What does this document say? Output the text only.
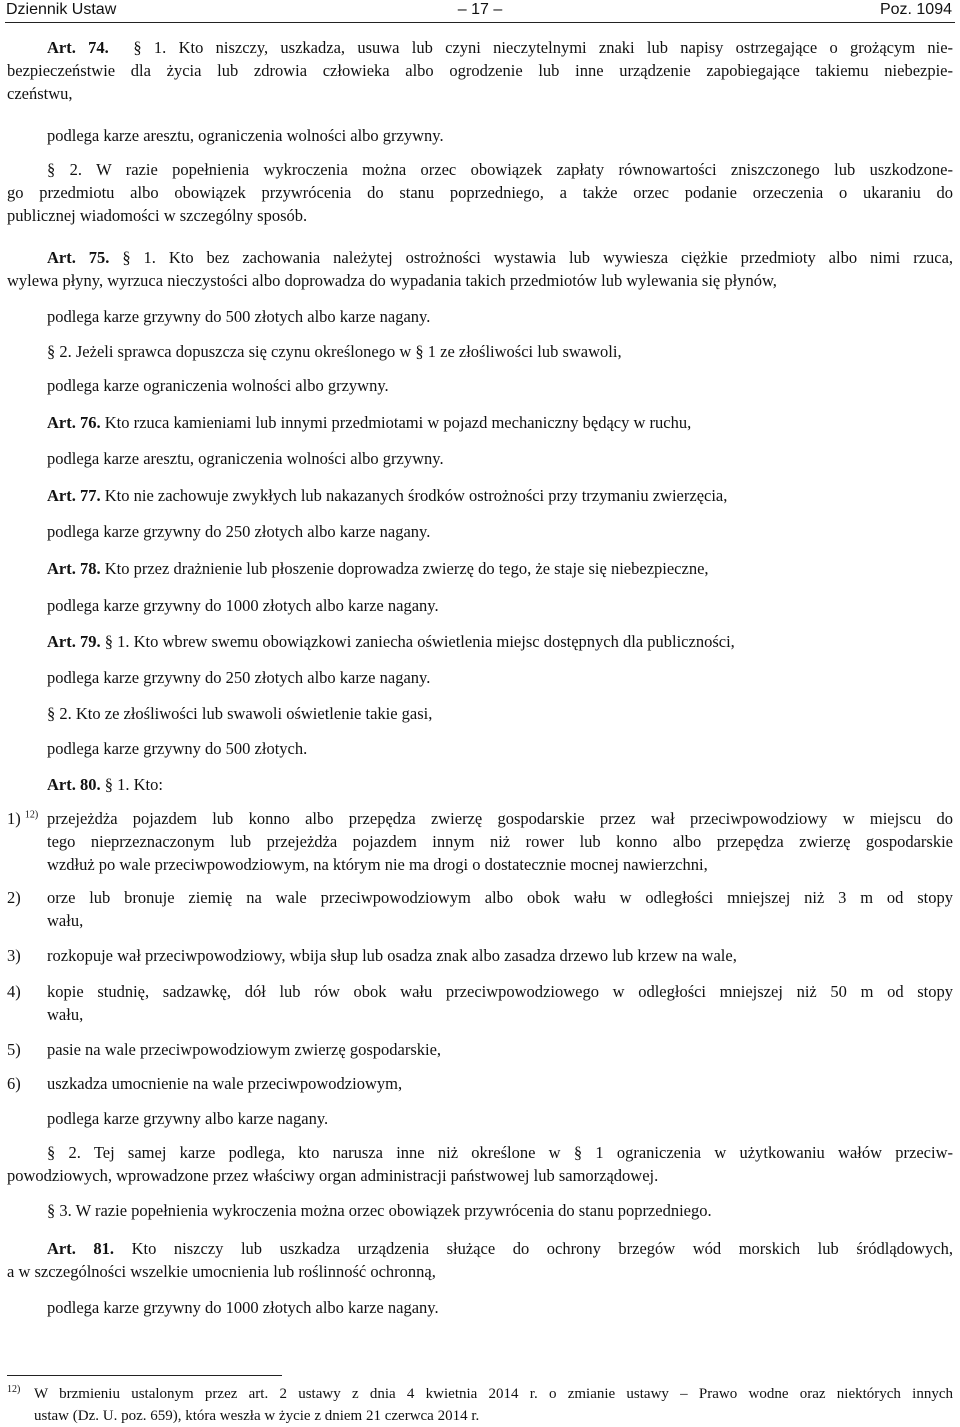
Dziennik Ustaw	– 17 –	Poz. 1094
Art. 74.  § 1. Kto niszczy, uszkadza, usuwa lub czyni nieczytelnymi znaki lub napisy ostrzegające o grożącym nie-
bezpieczeństwie dla życia lub zdrowia człowieka albo ogrodzenie lub inne urządzenie zapobiegające takiemu niebezpie-
czeństwu,
podlega karze aresztu, ograniczenia wolności albo grzywny.
§ 2. W razie popełnienia wykroczenia można orzec obowiązek zapłaty równowartości zniszczonego lub uszkodzone-
go przedmiotu albo obowiązek przywrócenia do stanu poprzedniego, a także orzec podanie orzeczenia o ukaraniu do
publicznej wiadomości w szczególny sposób.
Art. 75. § 1. Kto bez zachowania należytej ostrożności wystawia lub wywiesza ciężkie przedmioty albo nimi rzuca,
wylewa płyny, wyrzuca nieczystości albo doprowadza do wypadania takich przedmiotów lub wylewania się płynów,
podlega karze grzywny do 500 złotych albo karze nagany.
§ 2. Jeżeli sprawca dopuszcza się czynu określonego w § 1 ze złośliwości lub swawoli,
podlega karze ograniczenia wolności albo grzywny.
Art. 76. Kto rzuca kamieniami lub innymi przedmiotami w pojazd mechaniczny będący w ruchu,
podlega karze aresztu, ograniczenia wolności albo grzywny.
Art. 77. Kto nie zachowuje zwykłych lub nakazanych środków ostrożności przy trzymaniu zwierzęcia,
podlega karze grzywny do 250 złotych albo karze nagany.
Art. 78. Kto przez drażnienie lub płoszenie doprowadza zwierzę do tego, że staje się niebezpieczne,
podlega karze grzywny do 1000 złotych albo karze nagany.
Art. 79. § 1. Kto wbrew swemu obowiązkowi zaniecha oświetlenia miejsc dostępnych dla publiczności,
podlega karze grzywny do 250 złotych albo karze nagany.
§ 2. Kto ze złośliwości lub swawoli oświetlenie takie gasi,
podlega karze grzywny do 500 złotych.
Art. 80. § 1. Kto:
1) $^{12)}$ przejeżdża pojazdem lub konno albo przepędza zwierzę gospodarskie przez wał przeciwpowodziowy w miejscu do
tego nieprzeznaczonym lub przejeżdża pojazdem innym niż rower lub konno albo przepędza zwierzę gospodarskie
wzdłuż po wale przeciwpowodziowym, na którym nie ma drogi o dostatecznie mocnej nawierzchni,
2)	orze lub bronuje ziemię na wale przeciwpowodziowym albo obok wału w odległości mniejszej niż 3 m od stopy
wału,
3)	rozkopuje wał przeciwpowodziowy, wbija słup lub osadza znak albo zasadza drzewo lub krzew na wale,
4)	kopie studnię, sadzawkę, dół lub rów obok wału przeciwpowodziowego w odległości mniejszej niż 50 m od stopy
wału,
5)	pasie na wale przeciwpowodziowym zwierzę gospodarskie,
6)	uszkadza umocnienie na wale przeciwpowodziowym,
podlega karze grzywny albo karze nagany.
§ 2. Tej samej karze podlega, kto narusza inne niż określone w § 1 ograniczenia w użytkowaniu wałów przeciw-
powodziowych, wprowadzone przez właściwy organ administracji państwowej lub samorządowej.
§ 3. W razie popełnienia wykroczenia można orzec obowiązek przywrócenia do stanu poprzedniego.
Art. 81. Kto niszczy lub uszkadza urządzenia służące do ochrony brzegów wód morskich lub śródlądowych,
a w szczególności wszelkie umocnienia lub roślinność ochronną,
podlega karze grzywny do 1000 złotych albo karze nagany.
12) W brzmieniu ustalonym przez art. 2 ustawy z dnia 4 kwietnia 2014 r. o zmianie ustawy – Prawo wodne oraz niektórych innych
ustaw (Dz. U. poz. 659), która weszła w życie z dniem 21 czerwca 2014 r.
